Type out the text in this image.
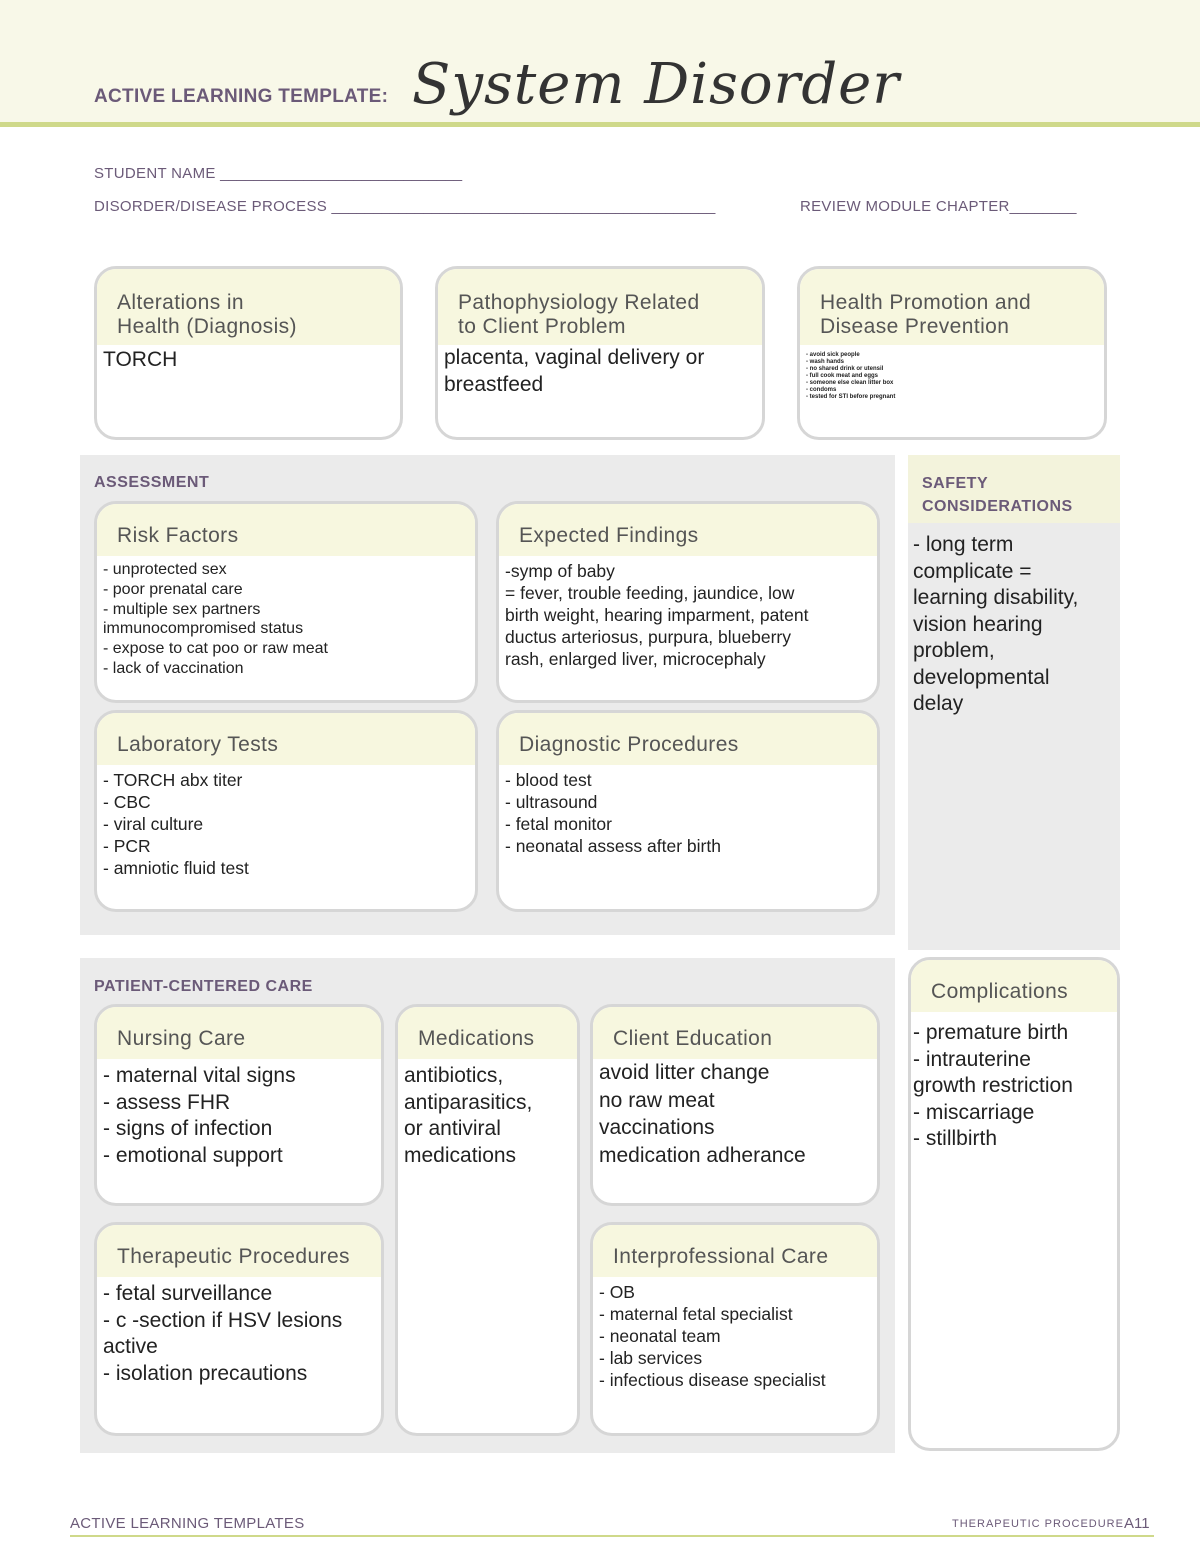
ACTIVE LEARNING TEMPLATE: System Disorder
STUDENT NAME _____________________________
DISORDER/DISEASE PROCESS ______________________________________________	REVIEW MODULE CHAPTER________
Alterations in
Health (Diagnosis)
TORCH
Pathophysiology Related
to Client Problem
placenta, vaginal delivery or
breastfeed
Health Promotion and
Disease Prevention
- avoid sick people
- wash hands
- no shared drink or utensil
- full cook meat and eggs
- someone else clean litter box
- condoms
- tested for STI before pregnant
ASSESSMENT
Risk Factors
- unprotected sex
- poor prenatal care
- multiple sex partners
immunocompromised status
- expose to cat poo or raw meat
- lack of vaccination
Expected Findings
-symp of baby
= fever, trouble feeding, jaundice, low
birth weight, hearing imparment, patent
ductus arteriosus, purpura, blueberry
rash, enlarged liver, microcephaly
Laboratory Tests
- TORCH abx titer
- CBC
- viral culture
- PCR
- amniotic fluid test
Diagnostic Procedures
- blood test
- ultrasound
- fetal monitor
- neonatal assess after birth
SAFETY
CONSIDERATIONS
- long term
complicate =
learning disability,
vision hearing
problem,
developmental
delay
PATIENT-CENTERED CARE
Nursing Care
- maternal vital signs
- assess FHR
- signs of infection
- emotional support
Medications
antibiotics,
antiparasitics,
or antiviral
medications
Client Education
avoid litter change
no raw meat
vaccinations
medication adherance
Therapeutic Procedures
- fetal surveillance
- c -section if HSV lesions
active
- isolation precautions
Interprofessional Care
- OB
- maternal fetal specialist
- neonatal team
- lab services
- infectious disease specialist
Complications
- premature birth
- intrauterine
growth restriction
- miscarriage
- stillbirth
ACTIVE LEARNING TEMPLATES	THERAPEUTIC PROCEDURE A11
